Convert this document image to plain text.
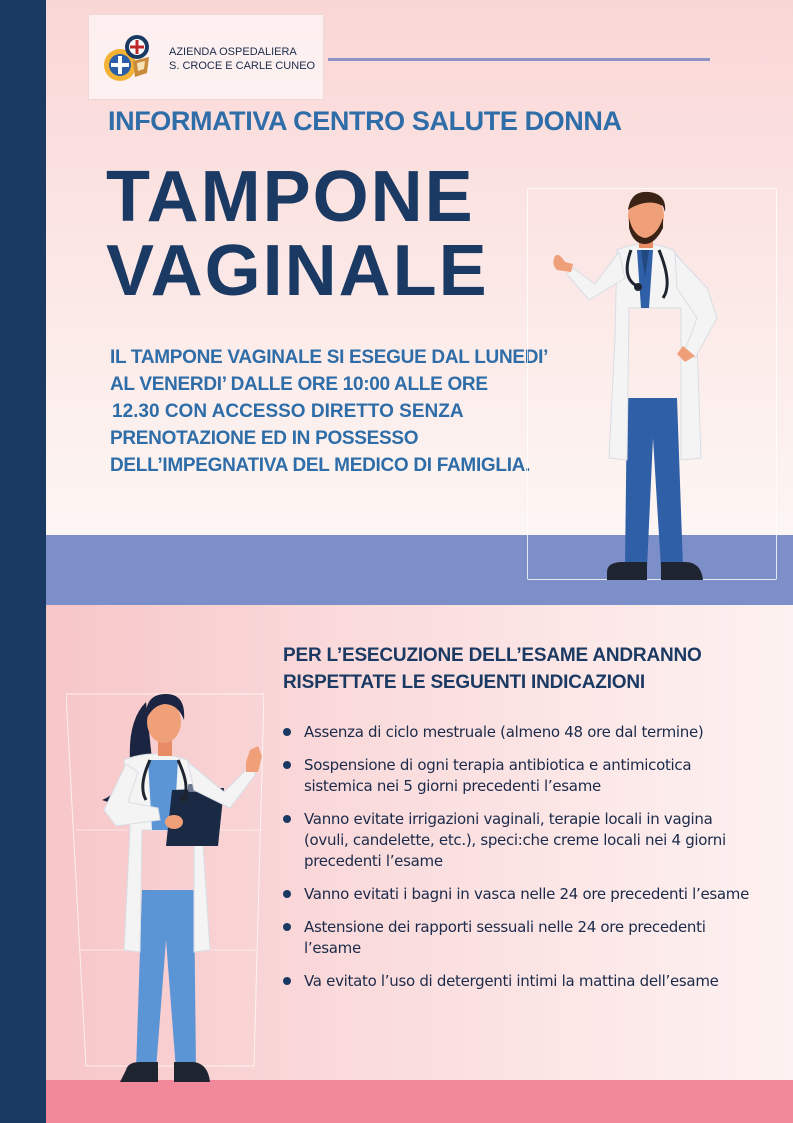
AZIENDA OSPEDALIERA
S. CROCE E CARLE CUNEO
INFORMATIVA CENTRO SALUTE DONNA
TAMPONE
VAGINALE
IL TAMPONE VAGINALE SI ESEGUE DAL LUNEDI’
AL VENERDI’ DALLE ORE 10:00 ALLE ORE
12.30 CON ACCESSO DIRETTO SENZA
PRENOTAZIONE ED IN POSSESSO
DELL’IMPEGNATIVA DEL MEDICO DI FAMIGLIA.
PER L’ESECUZIONE DELL’ESAME ANDRANNO
RISPETTATE LE SEGUENTI INDICAZIONI
Assenza di ciclo mestruale (almeno 48 ore dal termine)
Sospensione di ogni terapia antibiotica e antimicotica sistemica nei 5 giorni precedenti l’esame
Vanno evitate irrigazioni vaginali, terapie locali in vagina (ovuli, candelette, etc.), speci:che creme locali nei 4 giorni precedenti l’esame
Vanno evitati i bagni in vasca nelle 24 ore precedenti l’esame
Astensione dei rapporti sessuali nelle 24 ore precedenti l’esame
Va evitato l’uso di detergenti intimi la mattina dell’esame
